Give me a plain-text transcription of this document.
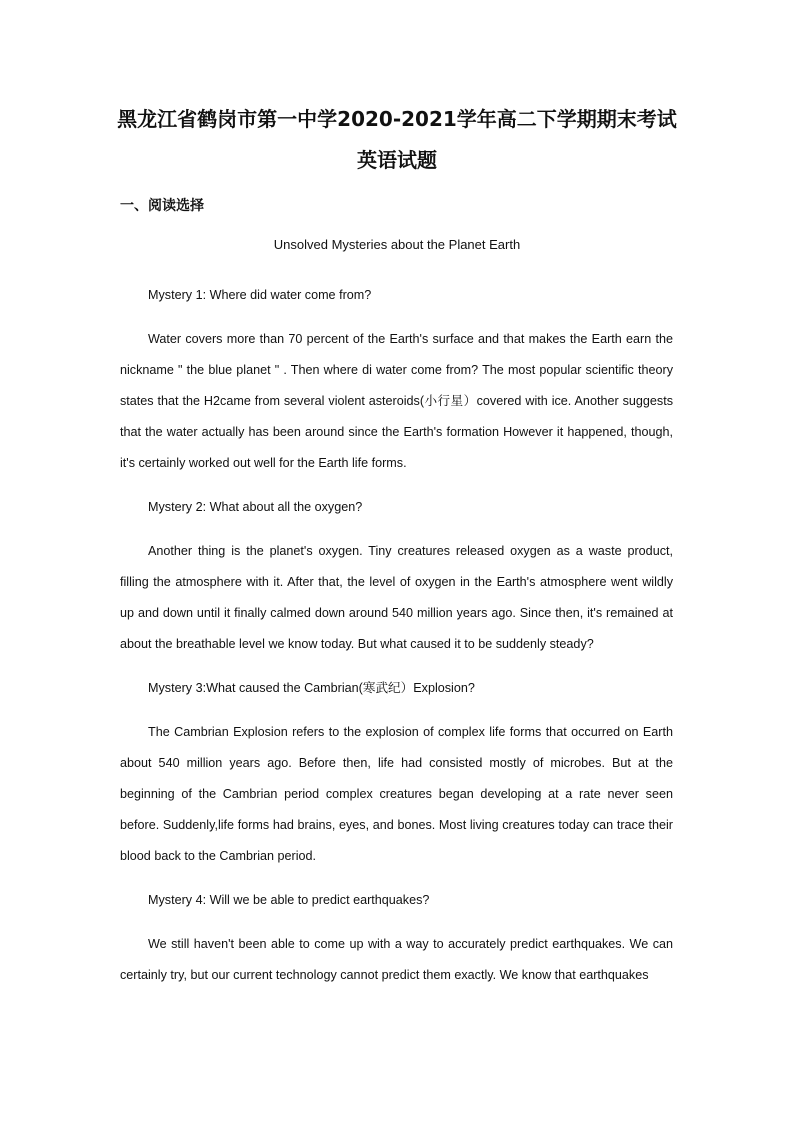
黑龙江省鹤岗市第一中学2020-2021学年高二下学期期末考试
英语试题
一、阅读选择
Unsolved Mysteries about the Planet Earth

Mystery 1: Where did water come from?

Water covers more than 70 percent of the Earth's surface and that makes the Earth earn the nickname " the blue planet " . Then where di water come from? The most popular scientific theory states that the H2came from several violent asteroids(小行星）covered with ice. Another suggests that the water actually has been around since the Earth's formation However it happened, though, it's certainly worked out well for the Earth life forms.

Mystery 2: What about all the oxygen?

Another thing is the planet's oxygen. Tiny creatures released oxygen as a waste product, filling the atmosphere with it. After that, the level of oxygen in the Earth's atmosphere went wildly up and down until it finally calmed down around 540 million years ago. Since then, it's remained at about the breathable level we know today. But what caused it to be suddenly steady?

Mystery 3:What caused the Cambrian(寒武纪）Explosion?

The Cambrian Explosion refers to the explosion of complex life forms that occurred on Earth about 540 million years ago. Before then, life had consisted mostly of microbes. But at the beginning of the Cambrian period complex creatures began developing at a rate never seen before. Suddenly,life forms had brains, eyes, and bones. Most living creatures today can trace their blood back to the Cambrian period.

Mystery 4: Will we be able to predict earthquakes?

We still haven't been able to come up with a way to accurately predict earthquakes. We can certainly try, but our current technology cannot predict them exactly. We know that earthquakes
